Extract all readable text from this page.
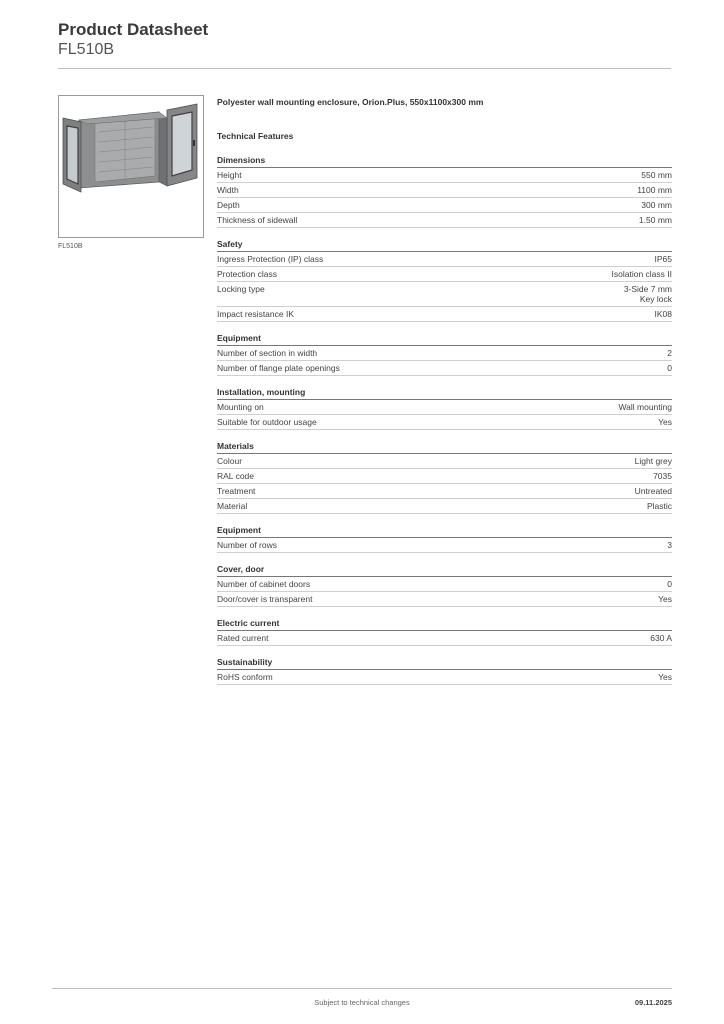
Product Datasheet
FL510B
FL510B
Polyester wall mounting enclosure, Orion.Plus, 550x1100x300 mm
Technical Features
Dimensions
Height	550 mm
Width	1100 mm
Depth	300 mm
Thickness of sidewall	1.50 mm
Safety
Ingress Protection (IP) class	IP65
Protection class	Isolation class II
Locking type	3-Side 7 mm
Key lock
Impact resistance IK	IK08
Equipment
Number of section in width	2
Number of flange plate openings	0
Installation, mounting
Mounting on	Wall mounting
Suitable for outdoor usage	Yes
Materials
Colour	Light grey
RAL code	7035
Treatment	Untreated
Material	Plastic
Equipment
Number of rows	3
Cover, door
Number of cabinet doors	0
Door/cover is transparent	Yes
Electric current
Rated current	630 A
Sustainability
RoHS conform	Yes
Subject to technical changes	09.11.2025
